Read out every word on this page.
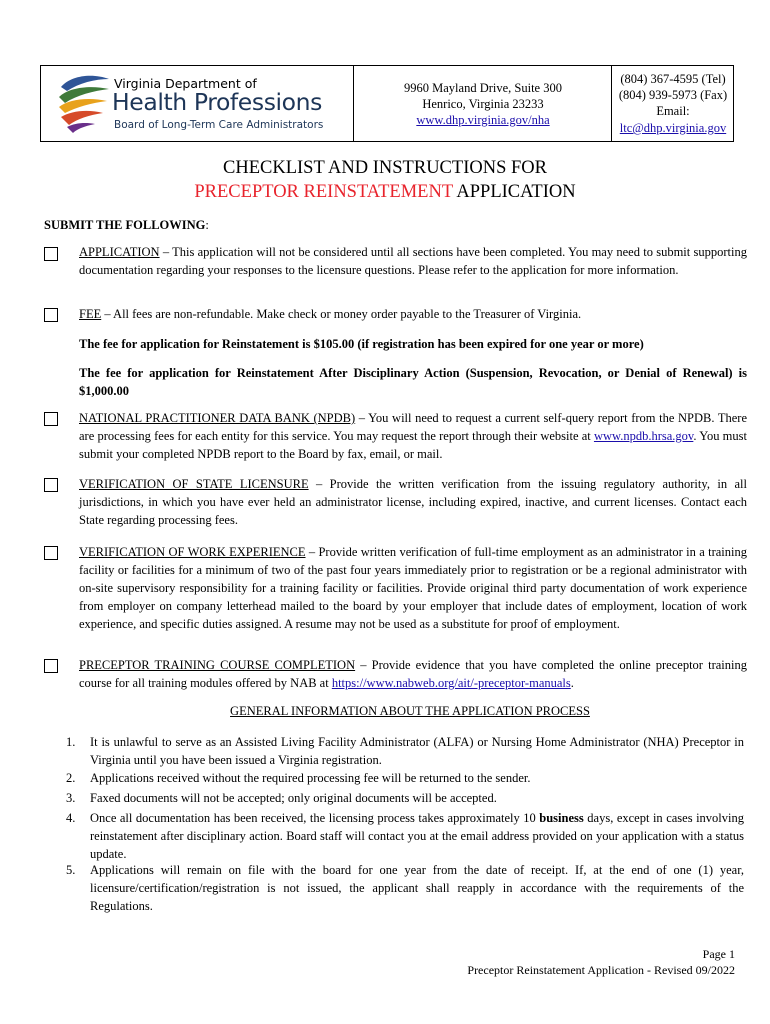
Virginia Department of
Health Professions
Board of Long-Term Care Administrators
9960 Mayland Drive, Suite 300
Henrico, Virginia 23233
www.dhp.virginia.gov/nha
(804) 367-4595 (Tel)
(804) 939-5973 (Fax)
Email:
ltc@dhp.virginia.gov
CHECKLIST AND INSTRUCTIONS FOR
PRECEPTOR REINSTATEMENT APPLICATION
SUBMIT THE FOLLOWING:
APPLICATION – This application will not be considered until all sections have been completed. You may need to submit supporting documentation regarding your responses to the licensure questions. Please refer to the application for more information.
FEE – All fees are non-refundable. Make check or money order payable to the Treasurer of Virginia.
The fee for application for Reinstatement is $105.00 (if registration has been expired for one year or more)
The fee for application for Reinstatement After Disciplinary Action (Suspension, Revocation, or Denial of Renewal) is $1,000.00
NATIONAL PRACTITIONER DATA BANK (NPDB) – You will need to request a current self-query report from the NPDB. There are processing fees for each entity for this service. You may request the report through their website at www.npdb.hrsa.gov. You must submit your completed NPDB report to the Board by fax, email, or mail.
VERIFICATION OF STATE LICENSURE – Provide the written verification from the issuing regulatory authority, in all jurisdictions, in which you have ever held an administrator license, including expired, inactive, and current licenses. Contact each State regarding processing fees.
VERIFICATION OF WORK EXPERIENCE – Provide written verification of full-time employment as an administrator in a training facility or facilities for a minimum of two of the past four years immediately prior to registration or be a regional administrator with on-site supervisory responsibility for a training facility or facilities. Provide original third party documentation of work experience from employer on company letterhead mailed to the board by your employer that include dates of employment, location of work experience, and specific duties assigned. A resume may not be used as a substitute for proof of employment.
PRECEPTOR TRAINING COURSE COMPLETION – Provide evidence that you have completed the online preceptor training course for all training modules offered by NAB at https://www.nabweb.org/ait/-preceptor-manuals.
GENERAL INFORMATION ABOUT THE APPLICATION PROCESS
1. It is unlawful to serve as an Assisted Living Facility Administrator (ALFA) or Nursing Home Administrator (NHA) Preceptor in Virginia until you have been issued a Virginia registration.
2. Applications received without the required processing fee will be returned to the sender.
3. Faxed documents will not be accepted; only original documents will be accepted.
4. Once all documentation has been received, the licensing process takes approximately 10 business days, except in cases involving reinstatement after disciplinary action. Board staff will contact you at the email address provided on your application with a status update.
5. Applications will remain on file with the board for one year from the date of receipt. If, at the end of one (1) year, licensure/certification/registration is not issued, the applicant shall reapply in accordance with the requirements of the Regulations.
Page 1
Preceptor Reinstatement Application - Revised 09/2022
